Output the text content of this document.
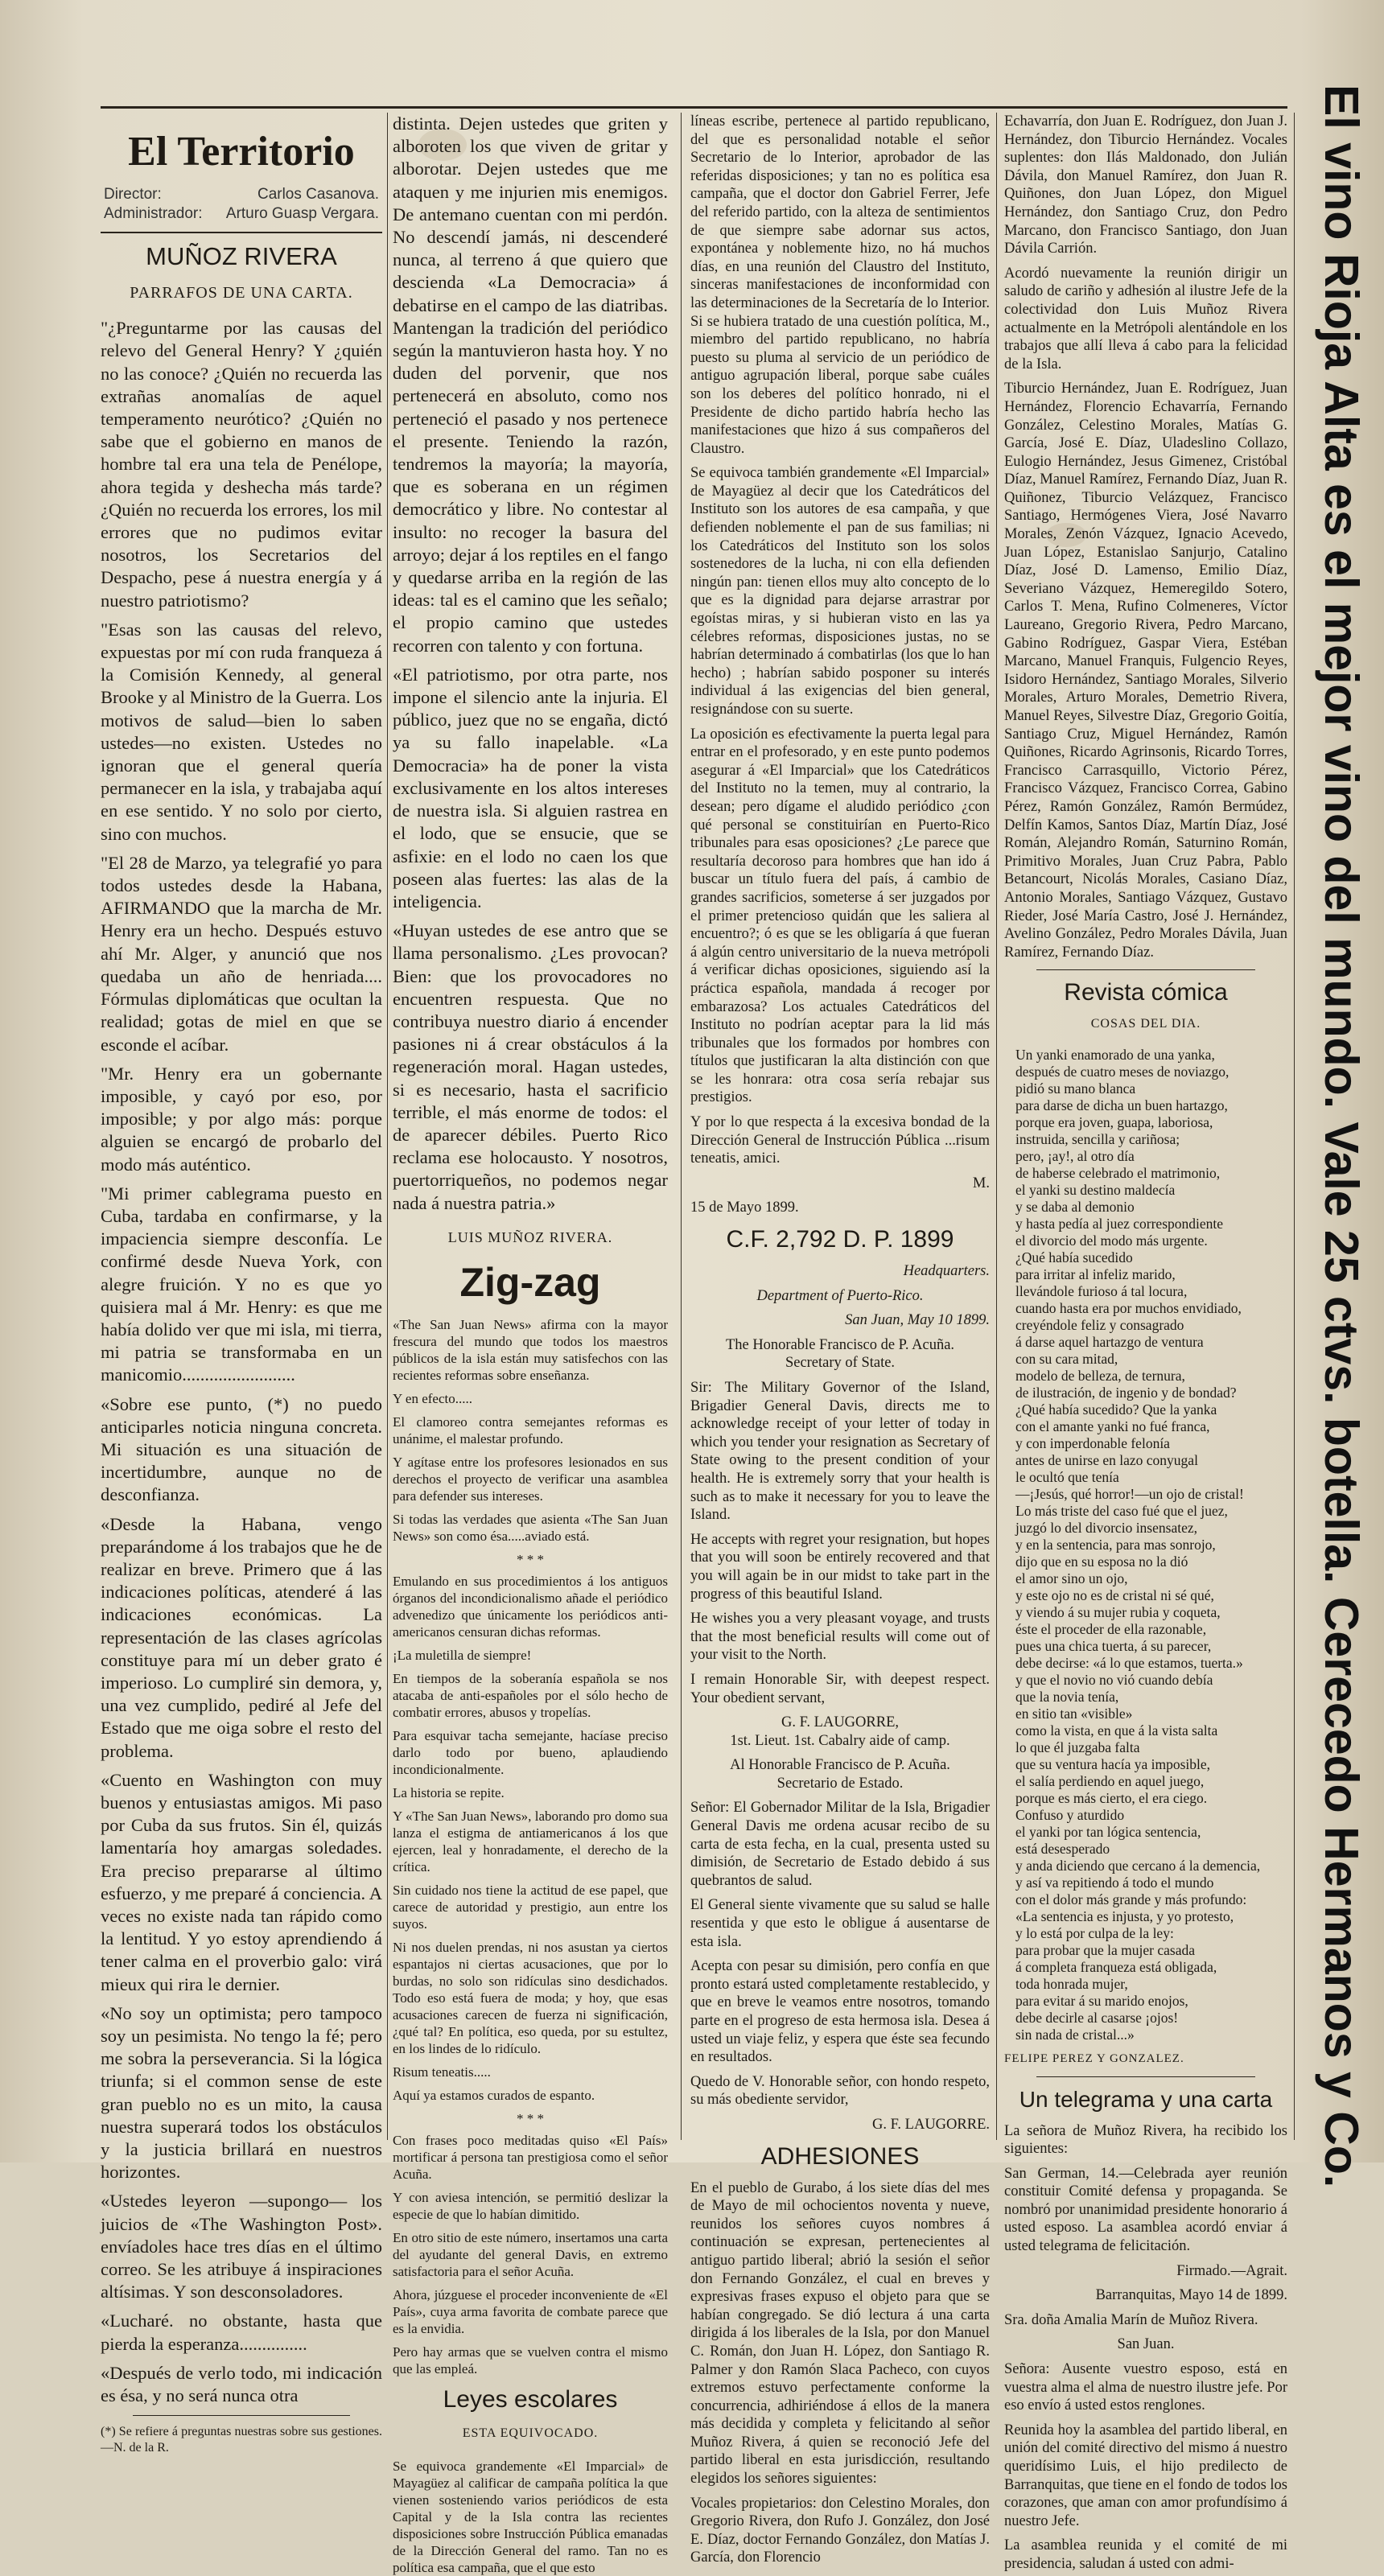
El Territorio
Director:	Carlos Casanova.
Administrador: Arturo Guasp Vergara.
MUÑOZ RIVERA
PARRAFOS DE UNA CARTA.

"¿Preguntarme por las causas del relevo del General Henry? Y ¿quién no las conoce? ¿Quién no recuerda las extrañas anomalías de aquel temperamento neurótico? ¿Quién no sabe que el gobierno en manos de hombre tal era una tela de Penélope, ahora tegida y deshecha más tarde? ¿Quién no recuerda los errores, los mil errores que no pudimos evitar nosotros, los Secretarios del Despacho, pese á nuestra energía y á nuestro patriotismo?

"Esas son las causas del relevo, expuestas por mí con ruda franqueza á la Comisión Kennedy, al general Brooke y al Ministro de la Guerra. Los motivos de salud—bien lo saben ustedes—no existen. Ustedes no ignoran que el general quería permanecer en la isla, y trabajaba aquí en ese sentido. Y no solo por cierto, sino con muchos.

"El 28 de Marzo, ya telegrafié yo para todos ustedes desde la Habana, AFIRMANDO que la marcha de Mr. Henry era un hecho. Después estuvo ahí Mr. Alger, y anunció que nos quedaba un año de henriada.... Fórmulas diplomáticas que ocultan la realidad; gotas de miel en que se esconde el acíbar.

"Mr. Henry era un gobernante imposible, y cayó por eso, por imposible; y por algo más: porque alguien se encargó de probarlo del modo más auténtico.

"Mi primer cablegrama puesto en Cuba, tardaba en confirmarse, y la impaciencia siempre desconfía. Le confirmé desde Nueva York, con alegre fruición. Y no es que yo quisiera mal á Mr. Henry: es que me había dolido ver que mi isla, mi tierra, mi patria se transformaba en un manicomio.........................

«Sobre ese punto, (*) no puedo anticiparles noticia ninguna concreta. Mi situación es una situación de incertidumbre, aunque no de desconfianza.

«Desde la Habana, vengo preparándome á los trabajos que he de realizar en breve. Primero que á las indicaciones políticas, atenderé á las indicaciones económicas. La representación de las clases agrícolas constituye para mí un deber grato é imperioso. Lo cumpliré sin demora, y, una vez cumplido, pediré al Jefe del Estado que me oiga sobre el resto del problema.

«Cuento en Washington con muy buenos y entusiastas amigos. Mi paso por Cuba da sus frutos. Sin él, quizás lamentaría hoy amargas soledades. Era preciso prepararse al último esfuerzo, y me preparé á conciencia. A veces no existe nada tan rápido como la lentitud. Y yo estoy aprendiendo á tener calma en el proverbio galo: virá mieux qui rira le dernier.

«No soy un optimista; pero tampoco soy un pesimista. No tengo la fé; pero me sobra la perseverancia. Si la lógica triunfa; si el common sense de este gran pueblo no es un mito, la causa nuestra superará todos los obstáculos y la justicia brillará en nuestros horizontes.

«Ustedes leyeron —supongo— los juicios de «The Washington Post». envíadoles hace tres días en el último correo. Se les atribuye á inspiraciones altísimas. Y son desconsoladores.

«Lucharé. no obstante, hasta que pierda la esperanza...............

«Después de verlo todo, mi indicación es ésa, y no será nunca otra

(*) Se refiere á preguntas nuestras sobre sus gestiones.—N. de la R.

distinta. Dejen ustedes que griten y alboroten los que viven de gritar y alborotar. Dejen ustedes que me ataquen y me injurien mis enemigos. De antemano cuentan con mi perdón. No descendí jamás, ni descenderé nunca, al terreno á que quiero que descienda «La Democracia» á debatirse en el campo de las diatribas. Mantengan la tradición del periódico según la mantuvieron hasta hoy. Y no duden del porvenir, que nos pertenecerá en absoluto, como nos perteneció el pasado y nos pertenece el presente. Teniendo la razón, tendremos la mayoría; la mayoría, que es soberana en un régimen democrático y libre. No contestar al insulto: no recoger la basura del arroyo; dejar á los reptiles en el fango y quedarse arriba en la región de las ideas: tal es el camino que les señalo; el propio camino que ustedes recorren con talento y con fortuna.

«El patriotismo, por otra parte, nos impone el silencio ante la injuria. El público, juez que no se engaña, dictó ya su fallo inapelable. «La Democracia» ha de poner la vista exclusivamente en los altos intereses de nuestra isla. Si alguien rastrea en el lodo, que se ensucie, que se asfixie: en el lodo no caen los que poseen alas fuertes: las alas de la inteligencia.

«Huyan ustedes de ese antro que se llama personalismo. ¿Les provocan? Bien: que los provocadores no encuentren respuesta. Que no contribuya nuestro diario á encender pasiones ni á crear obstáculos á la regeneración moral. Hagan ustedes, si es necesario, hasta el sacrificio terrible, el más enorme de todos: el de aparecer débiles. Puerto Rico reclama ese holocausto. Y nosotros, puertorriqueños, no podemos negar nada á nuestra patria.»

LUIS MUÑOZ RIVERA.
Zig-zag

«The San Juan News» afirma con la mayor frescura del mundo que todos los maestros públicos de la isla están muy satisfechos con las recientes reformas sobre enseñanza.

Y en efecto.....

El clamoreo contra semejantes reformas es unánime, el malestar profundo.

Y agítase entre los profesores lesionados en sus derechos el proyecto de verificar una asamblea para defender sus intereses.

Si todas las verdades que asienta «The San Juan News» son como ésa.....aviado está.

* * *

Emulando en sus procedimientos á los antiguos órganos del incondicionalismo añade el periódico advenedizo que únicamente los periódicos anti-americanos censuran dichas reformas.

¡La muletilla de siempre!

En tiempos de la soberanía española se nos atacaba de anti-españoles por el sólo hecho de combatir errores, abusos y tropelías.

Para esquivar tacha semejante, hacíase preciso darlo todo por bueno, aplaudiendo incondicionalmente.

La historia se repite.

Y «The San Juan News», laborando pro domo sua lanza el estigma de antiamericanos á los que ejercen, leal y honradamente, el derecho de la crítica.

Sin cuidado nos tiene la actitud de ese papel, que carece de autoridad y prestigio, aun entre los suyos.

Ni nos duelen prendas, ni nos asustan ya ciertos espantajos ni ciertas acusaciones, que por lo burdas, no solo son ridículas sino desdichados. Todo eso está fuera de moda; y hoy, que esas acusaciones carecen de fuerza ni significación, ¿qué tal? En política, eso queda, por su estultez, en los lindes de lo ridículo.

Risum teneatis.....

Aquí ya estamos curados de espanto.

* * *

Con frases poco meditadas quiso «El País» mortificar á persona tan prestigiosa como el señor Acuña.

Y con aviesa intención, se permitió deslizar la especie de que lo habían dimitido.

En otro sitio de este número, insertamos una carta del ayudante del general Davis, en extremo satisfactoria para el señor Acuña.

Ahora, júzguese el proceder inconveniente de «El País», cuya arma favorita de combate parece que es la envidia.

Pero hay armas que se vuelven contra el mismo que las empleá.

Leyes escolares
ESTA EQUIVOCADO.

Se equivoca grandemente «El Imparcial» de Mayagüez al calificar de campaña política la que vienen sosteniendo varios periódicos de esta Capital y de la Isla contra las recientes disposiciones sobre Instrucción Pública emanadas de la Dirección General del ramo. Tan no es política esa campaña, que el que esto

líneas escribe, pertenece al partido republicano, del que es personalidad notable el señor Secretario de lo Interior, aprobador de las referidas disposiciones; y tan no es política esa campaña, que el doctor don Gabriel Ferrer, Jefe del referido partido, con la alteza de sentimientos de que siempre sabe adornar sus actos, expontánea y noblemente hizo, no há muchos días, en una reunión del Claustro del Instituto, sinceras manifestaciones de inconformidad con las determinaciones de la Secretaría de lo Interior. Si se hubiera tratado de una cuestión política, M., miembro del partido republicano, no habría puesto su pluma al servicio de un periódico de antiguo agrupación liberal, porque sabe cuáles son los deberes del político honrado, ni el Presidente de dicho partido habría hecho las manifestaciones que hizo á sus compañeros del Claustro.

Se equivoca también grandemente «El Imparcial» de Mayagüez al decir que los Catedráticos del Instituto son los autores de esa campaña, y que defienden noblemente el pan de sus familias; ni los Catedráticos del Instituto son los solos sostenedores de la lucha, ni con ella defienden ningún pan: tienen ellos muy alto concepto de lo que es la dignidad para dejarse arrastrar por egoístas miras, y si hubieran visto en las ya célebres reformas, disposiciones justas, no se habrían determinado á combatirlas (los que lo han hecho) ; habrían sabido posponer su interés individual á las exigencias del bien general, resignándose con su suerte.

La oposición es efectivamente la puerta legal para entrar en el profesorado, y en este punto podemos asegurar á «El Imparcial» que los Catedráticos del Instituto no la temen, muy al contrario, la desean; pero dígame el aludido periódico ¿con qué personal se constituirían en Puerto-Rico tribunales para esas oposiciones? ¿Le parece que resultaría decoroso para hombres que han ido á buscar un título fuera del país, á cambio de grandes sacrificios, someterse á ser juzgados por el primer pretencioso quidán que les saliera al encuentro?; ó es que se les obligaría á que fueran á algún centro universitario de la nueva metrópoli á verificar dichas oposiciones, siguiendo así la práctica española, mandada á recoger por embarazosa? Los actuales Catedráticos del Instituto no podrían aceptar para la lid más tribunales que los formados por hombres con títulos que justificaran la alta distinción con que se les honrara: otra cosa sería rebajar sus prestigios.

Y por lo que respecta á la excesiva bondad de la Dirección General de Instrucción Pública ...risum teneatis, amici.

M.

15 de Mayo 1899.

C.F. 2,792 D. P. 1899

Headquarters.

Department of Puerto-Rico.

San Juan, May 10 1899.

The Honorable Francisco de P. Acuña.

Secretary of State.

Sir: The Military Governor of the Island, Brigadier General Davis, directs me to acknowledge receipt of your letter of today in which you tender your resignation as Secretary of State owing to the present condition of your health. He is extremely sorry that your health is such as to make it necessary for you to leave the Island.

He accepts with regret your resignation, but hopes that you will soon be entirely recovered and that you will again be in our midst to take part in the progress of this beautiful Island.

He wishes you a very pleasant voyage, and trusts that the most beneficial results will come out of your visit to the North.

I remain Honorable Sir, with deepest respect. Your obedient servant,

G. F. LAUGORRE,

1st. Lieut. 1st. Cabalry aide of camp.

Al Honorable Francisco de P. Acuña.

Secretario de Estado.

Señor: El Gobernador Militar de la Isla, Brigadier General Davis me ordena acusar recibo de su carta de esta fecha, en la cual, presenta usted su dimisión, de Secretario de Estado debido á sus quebrantos de salud.

El General siente vivamente que su salud se halle resentida y que esto le obligue á ausentarse de esta isla.

Acepta con pesar su dimisión, pero confía en que pronto estará usted completamente restablecido, y que en breve le veamos entre nosotros, tomando parte en el progreso de esta hermosa isla. Desea á usted un viaje feliz, y espera que éste sea fecundo en resultados.

Quedo de V. Honorable señor, con hondo respeto, su más obediente servidor,

G. F. LAUGORRE.

ADHESIONES

En el pueblo de Gurabo, á los siete días del mes de Mayo de mil ochocientos noventa y nueve, reunidos los señores cuyos nombres á continuación se expresan, pertenecientes al antiguo partido liberal; abrió la sesión el señor don Fernando González, el cual en breves y expresivas frases expuso el objeto para que se habían congregado. Se dió lectura á una carta dirigida á los liberales de la Isla, por don Manuel C. Román, don Juan H. López, don Santiago R. Palmer y don Ramón Slaca Pacheco, con cuyos extremos estuvo perfectamente conforme la concurrencia, adhiriéndose á ellos de la manera más decidida y completa y felicitando al señor Muñoz Rivera, á quien se reconoció Jefe del partido liberal en esta jurisdicción, resultando elegidos los señores siguientes:

Vocales propietarios: don Celestino Morales, don Gregorio Rivera, don Rufo J. González, don José E. Díaz, doctor Fernando González, don Matías J. García, don Florencio

Echavarría, don Juan E. Rodríguez, don Juan J. Hernández, don Tiburcio Hernández. Vocales suplentes: don Ilás Maldonado, don Julián Dávila, don Manuel Ramírez, don Juan R. Quiñones, don Juan López, don Miguel Hernández, don Santiago Cruz, don Pedro Marcano, don Francisco Santiago, don Juan Dávila Carrión.

Acordó nuevamente la reunión dirigir un saludo de cariño y adhesión al ilustre Jefe de la colectividad don Luis Muñoz Rivera actualmente en la Metrópoli alentándole en los trabajos que allí lleva á cabo para la felicidad de la Isla.

Tiburcio Hernández, Juan E. Rodríguez, Juan Hernández, Florencio Echavarría, Fernando González, Celestino Morales, Matías G. García, José E. Díaz, Uladeslino Collazo, Eulogio Hernández, Jesus Gimenez, Cristóbal Díaz, Manuel Ramírez, Fernando Díaz, Juan R. Quiñonez, Tiburcio Velázquez, Francisco Santiago, Hermógenes Viera, José Navarro Morales, Zenón Vázquez, Ignacio Acevedo, Juan López, Estanislao Sanjurjo, Catalino Díaz, José D. Lamenso, Emilio Díaz, Severiano Vázquez, Hemeregildo Sotero, Carlos T. Mena, Rufino Colmeneres, Víctor Laureano, Gregorio Rivera, Pedro Marcano, Gabino Rodríguez, Gaspar Viera, Estéban Marcano, Manuel Franquis, Fulgencio Reyes, Isidoro Hernández, Santiago Morales, Silverio Morales, Arturo Morales, Demetrio Rivera, Manuel Reyes, Silvestre Díaz, Gregorio Goitía, Santiago Cruz, Miguel Hernández, Ramón Quiñones, Ricardo Agrinsonis, Ricardo Torres, Francisco Carrasquillo, Victorio Pérez, Francisco Vázquez, Francisco Correa, Gabino Pérez, Ramón González, Ramón Bermúdez, Delfín Kamos, Santos Díaz, Martín Díaz, José Román, Alejandro Román, Saturnino Román, Primitivo Morales, Juan Cruz Pabra, Pablo Betancourt, Nicolás Morales, Casiano Díaz, Antonio Morales, Santiago Vázquez, Gustavo Rieder, José María Castro, José J. Hernández, Avelino González, Pedro Morales Dávila, Juan Ramírez, Fernando Díaz.

Revista cómica
COSAS DEL DIA.

Un yanki enamorado de una yanka,
después de cuatro meses de noviazgo,
pidió su mano blanca
para darse de dicha un buen hartazgo,
porque era joven, guapa, laboriosa,
instruida, sencilla y cariñosa;
pero, ¡ay!, al otro día
de haberse celebrado el matrimonio,
el yanki su destino maldecía
y se daba al demonio
y hasta pedía al juez correspondiente
el divorcio del modo más urgente.
¿Qué había sucedido
para irritar al infeliz marido,
llevándole furioso á tal locura,
cuando hasta era por muchos envidiado,
creyéndole feliz y consagrado
á darse aquel hartazgo de ventura
con su cara mitad,
modelo de belleza, de ternura,
de ilustración, de ingenio y de bondad?
¿Qué había sucedido? Que la yanka
con el amante yanki no fué franca,
y con imperdonable felonía
antes de unirse en lazo conyugal
le ocultó que tenía
—¡Jesús, qué horror!—un ojo de cristal!
Lo más triste del caso fué que el juez,
juzgó lo del divorcio insensatez,
y en la sentencia, para mas sonrojo,
dijo que en su esposa no la dió
el amor sino un ojo,
y este ojo no es de cristal ni sé qué,
y viendo á su mujer rubia y coqueta,
éste el proceder de ella razonable,
pues una chica tuerta, á su parecer,
debe decirse: «á lo que estamos, tuerta.»
y que el novio no vió cuando debía
que la novia tenía,
en sitio tan «visible»
como la vista, en que á la vista salta
lo que él juzgaba falta
que su ventura hacía ya imposible,
el salía perdiendo en aquel juego,
porque es más cierto, el era ciego.
Confuso y aturdido
el yanki por tan lógica sentencia,
está desesperado
y anda diciendo que cercano á la demencia,
y así va repitiendo á todo el mundo
con el dolor más grande y más profundo:
«La sentencia es injusta, y yo protesto,
y lo está por culpa de la ley:
para probar que la mujer casada
á completa franqueza está obligada,
toda honrada mujer,
para evitar á su marido enojos,
debe decirle al casarse ¡ojos!
sin nada de cristal...»

FELIPE PEREZ Y GONZALEZ.

Un telegrama y una carta

La señora de Muñoz Rivera, ha recibido los siguientes:

San German, 14.—Celebrada ayer reunión constituir Comité defensa y propaganda. Se nombró por unanimidad presidente honorario á usted esposo. La asamblea acordó enviar á usted telegrama de felicitación.

Firmado.—Agrait.

Barranquitas, Mayo 14 de 1899.

Sra. doña Amalia Marín de Muñoz Rivera.

San Juan.

Señora: Ausente vuestro esposo, está en vuestra alma el alma de nuestro ilustre jefe. Por eso envío á usted estos renglones.

Reunida hoy la asamblea del partido liberal, en unión del comité directivo del mismo á nuestro queridísimo Luis, el hijo predilecto de Barranquitas, que tiene en el fondo de todos los corazones, que aman con amor profundísimo á nuestro Jefe.

La asamblea reunida y el comité de mi presidencia, saludan á usted con admi-

El vino Rioja Alta es el mejor vino del mundo. Vale 25 ctvs. botella. Cerecedo Hermanos y Co.
